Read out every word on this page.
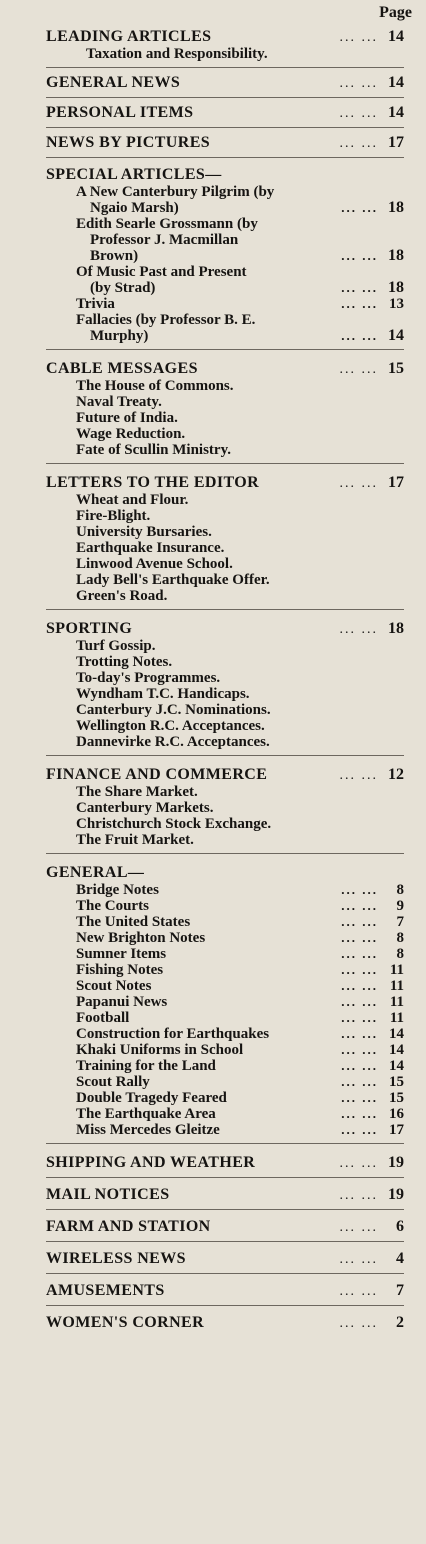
Page
LEADING ARTICLES	... ... 14
Taxation and Responsibility.
GENERAL NEWS	... ... 14
PERSONAL ITEMS	... ... 14
NEWS BY PICTURES	... ... 17
SPECIAL ARTICLES—
A New Canterbury Pilgrim (by
Ngaio Marsh)	... ... 18
Edith Searle Grossmann (by
Professor J. Macmillan
Brown)	... ... 18
Of Music Past and Present
(by Strad)	... ... 18
Trivia	... ... 13
Fallacies (by Professor B. E.
Murphy)	... ... 14
CABLE MESSAGES	... ... 15
The House of Commons.
Naval Treaty.
Future of India.
Wage Reduction.
Fate of Scullin Ministry.
LETTERS TO THE EDITOR	... ... 17
Wheat and Flour.
Fire-Blight.
University Bursaries.
Earthquake Insurance.
Linwood Avenue School.
Lady Bell's Earthquake Offer.
Green's Road.
SPORTING	... ... 18
Turf Gossip.
Trotting Notes.
To-day's Programmes.
Wyndham T.C. Handicaps.
Canterbury J.C. Nominations.
Wellington R.C. Acceptances.
Dannevirke R.C. Acceptances.
FINANCE AND COMMERCE	... ... 12
The Share Market.
Canterbury Markets.
Christchurch Stock Exchange.
The Fruit Market.
GENERAL—
Bridge Notes	... ...	8
The Courts	... ...	9
The United States	... ...	7
New Brighton Notes	... ...	8
Sumner Items	... ...	8
Fishing Notes	... ... 11
Scout Notes	... ... 11
Papanui News	... ... 11
Football	... ... 11
Construction for Earthquakes	... ... 14
Khaki Uniforms in School	... ... 14
Training for the Land	... ... 14
Scout Rally	... ... 15
Double Tragedy Feared	... ... 15
The Earthquake Area	... ... 16
Miss Mercedes Gleitze	... ... 17
SHIPPING AND WEATHER	... ... 19
MAIL NOTICES	... ... 19
FARM AND STATION	... ...	6
WIRELESS NEWS	... ...	4
AMUSEMENTS	... ...	7
WOMEN'S CORNER	... ...	2
